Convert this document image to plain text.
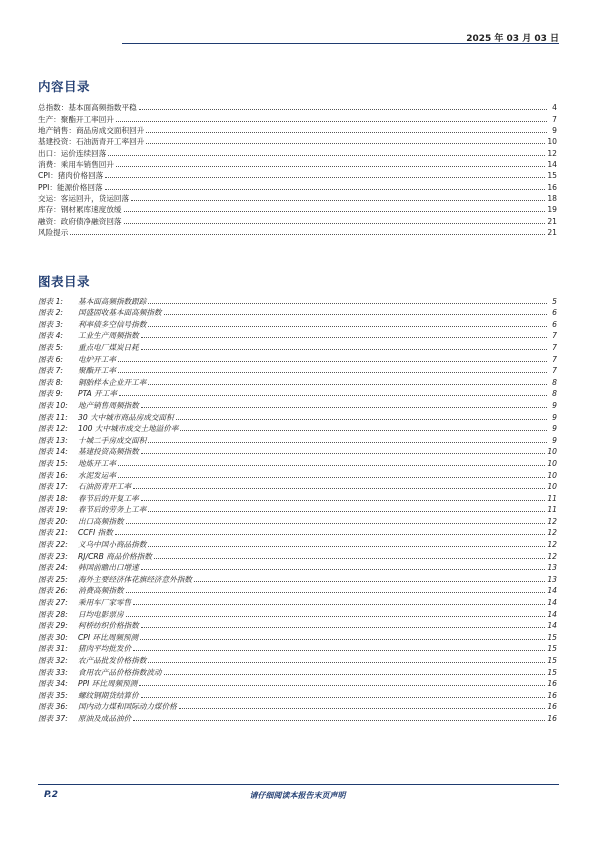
2025 年 03 月 03 日
内容目录
总指数：基本面高频指数平稳	4
生产：聚酯开工率回升	7
地产销售：商品房成交面积回升	9
基建投资：石油沥青开工率回升	10
出口：运价连续回落	12
消费：乘用车销售回升	14
CPI：猪肉价格回落	15
PPI：能源价格回落	16
交运：客运回升，货运回落	18
库存：钢材累库速度放缓	19
融资：政府债净融资回落	21
风险提示	21
图表目录
图表 1: 基本面高频指数跟踪	5
图表 2: 国盛固收基本面高频指数	6
图表 3: 利率债多空信号指数	6
图表 4: 工业生产周频指数	7
图表 5: 重点电厂煤炭日耗	7
图表 6: 电炉开工率	7
图表 7: 聚酯开工率	7
图表 8: 铜胎样本企业开工率	8
图表 9: PTA 开工率	8
图表 10: 地产销售周频指数	9
图表 11: 30 大中城市商品房成交面积	9
图表 12: 100 大中城市成交土地溢价率	9
图表 13: 十城二手房成交面积	9
图表 14: 基建投资高频指数	10
图表 15: 地炼开工率	10
图表 16: 水泥发运率	10
图表 17: 石油沥青开工率	10
图表 18: 春节后的开复工率	11
图表 19: 春节后的劳务上工率	11
图表 20: 出口高频指数	12
图表 21: CCFI 指数	12
图表 22: 义乌中国小商品指数	12
图表 23: RJ/CRB 商品价格指数	12
图表 24: 韩国前瞻出口增速	13
图表 25: 海外主要经济体花旗经济意外指数	13
图表 26: 消费高频指数	14
图表 27: 乘用车厂家零售	14
图表 28: 日均电影票房	14
图表 29: 柯桥纺织价格指数	14
图表 30: CPI 环比周频预测	15
图表 31: 猪肉平均批发价	15
图表 32: 农产品批发价格指数	15
图表 33: 食用农产品价格指数波动	15
图表 34: PPI 环比周频预测	16
图表 35: 螺纹钢期货结算价	16
图表 36: 国内动力煤和国际动力煤价格	16
图表 37: 原油及成品油价	16
P.2	请仔细阅读本报告末页声明
